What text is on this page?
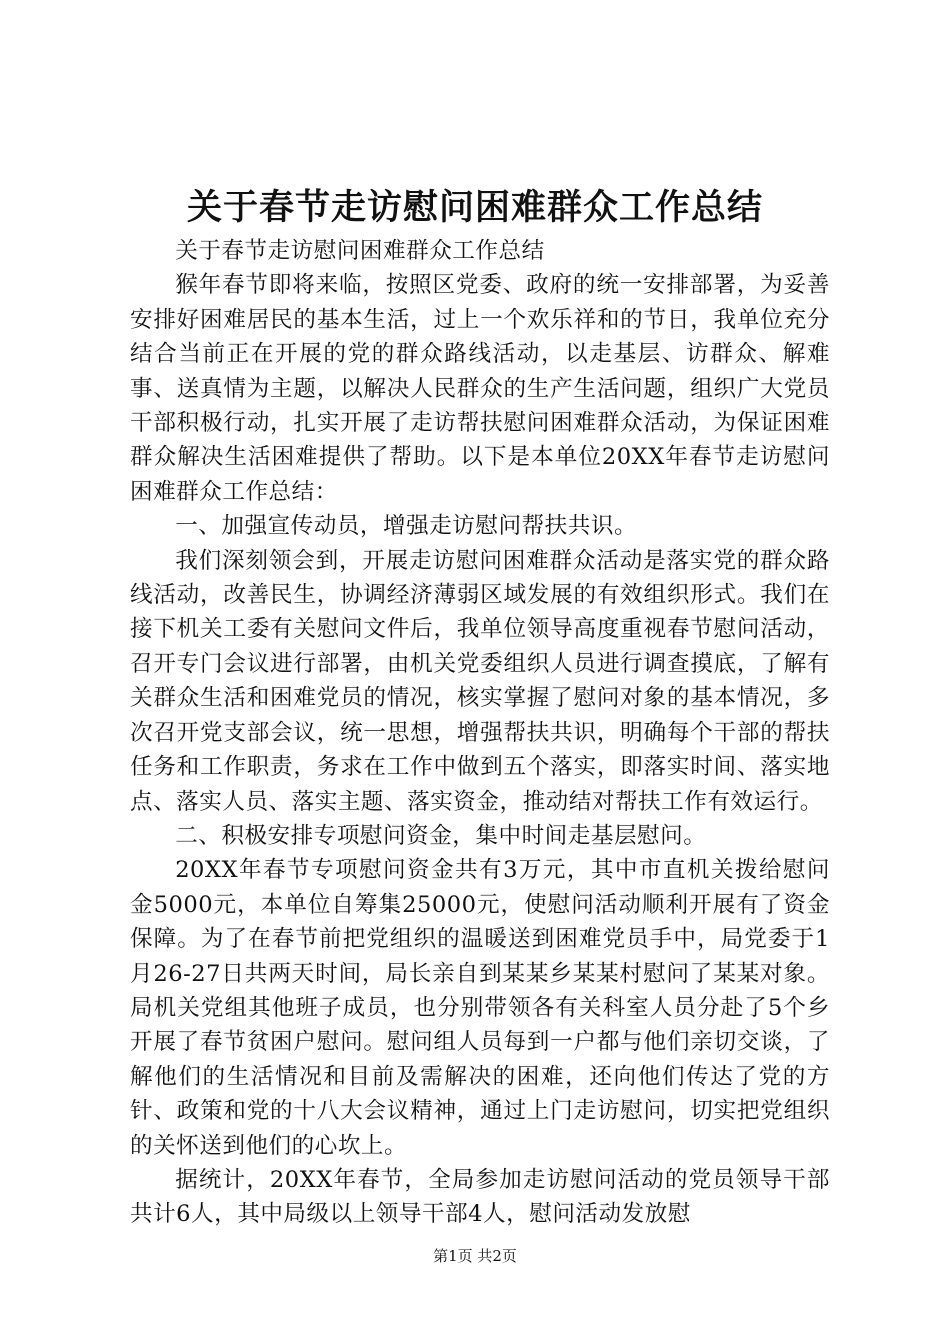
关于春节走访慰问困难群众工作总结

关于春节走访慰问困难群众工作总结

猴年春节即将来临，按照区党委、政府的统一安排部署，为妥善安排好困难居民的基本生活，过上一个欢乐祥和的节日，我单位充分结合当前正在开展的党的群众路线活动，以走基层、访群众、解难事、送真情为主题，以解决人民群众的生产生活问题，组织广大党员干部积极行动，扎实开展了走访帮扶慰问困难群众活动，为保证困难群众解决生活困难提供了帮助。以下是本单位20XX年春节走访慰问困难群众工作总结：

一、加强宣传动员，增强走访慰问帮扶共识。

我们深刻领会到，开展走访慰问困难群众活动是落实党的群众路线活动，改善民生，协调经济薄弱区域发展的有效组织形式。我们在接下机关工委有关慰问文件后，我单位领导高度重视春节慰问活动，召开专门会议进行部署，由机关党委组织人员进行调查摸底，了解有关群众生活和困难党员的情况，核实掌握了慰问对象的基本情况，多次召开党支部会议，统一思想，增强帮扶共识，明确每个干部的帮扶任务和工作职责，务求在工作中做到五个落实，即落实时间、落实地点、落实人员、落实主题、落实资金，推动结对帮扶工作有效运行。

二、积极安排专项慰问资金，集中时间走基层慰问。

20XX年春节专项慰问资金共有3万元，其中市直机关拨给慰问金5000元，本单位自筹集25000元，使慰问活动顺利开展有了资金保障。为了在春节前把党组织的温暖送到困难党员手中，局党委于1月26-27日共两天时间，局长亲自到某某乡某某村慰问了某某对象。局机关党组其他班子成员，也分别带领各有关科室人员分赴了5个乡开展了春节贫困户慰问。慰问组人员每到一户都与他们亲切交谈，了解他们的生活情况和目前及需解决的困难，还向他们传达了党的方针、政策和党的十八大会议精神，通过上门走访慰问，切实把党组织的关怀送到他们的心坎上。

据统计，20XX年春节，全局参加走访慰问活动的党员领导干部共计6人，其中局级以上领导干部4人，慰问活动发放慰

第1页 共2页
